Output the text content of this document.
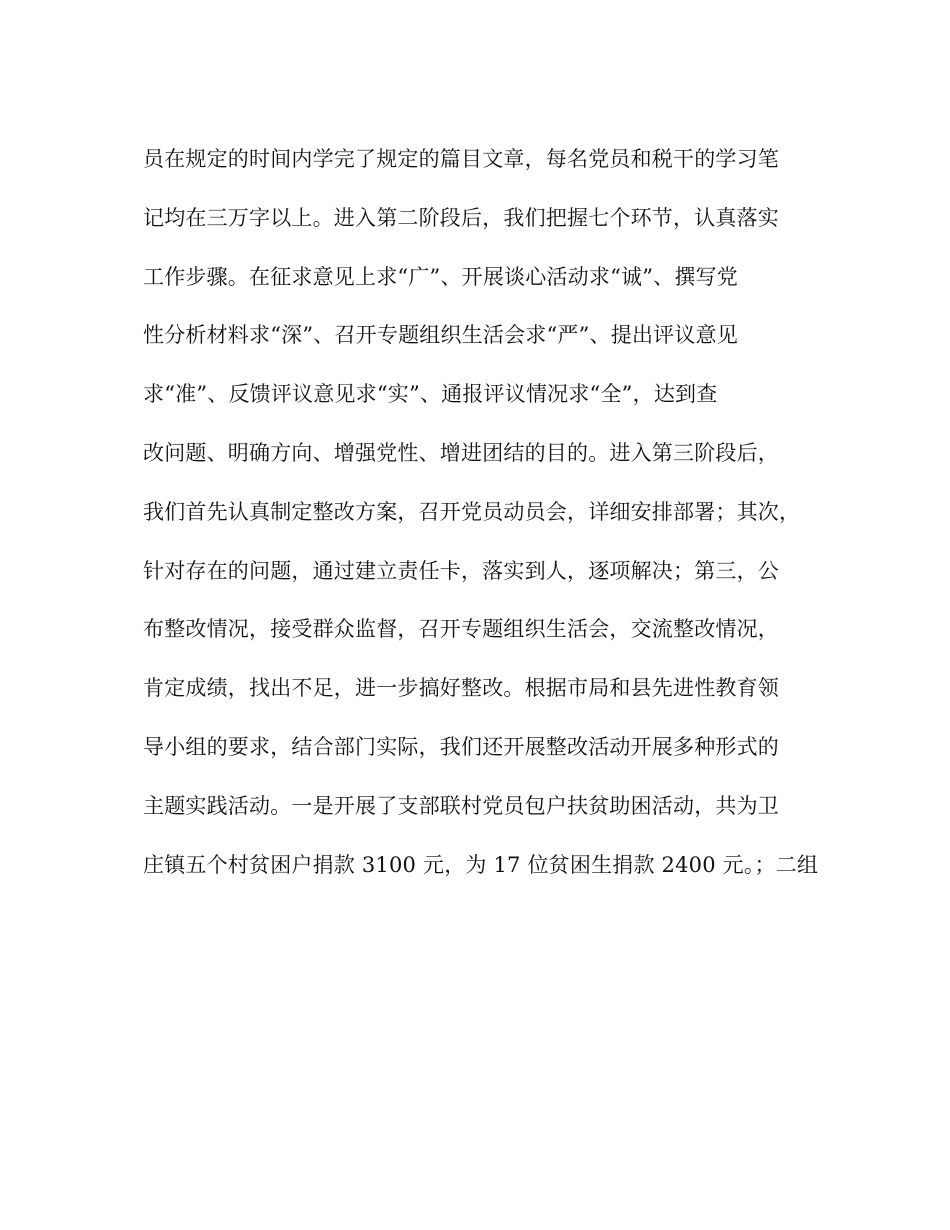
员在规定的时间内学完了规定的篇目文章，每名党员和税干的学习笔
记均在三万字以上。进入第二阶段后，我们把握七个环节，认真落实
工作步骤。在征求意见上求“广”、开展谈心活动求“诚”、撰写党
性分析材料求“深”、召开专题组织生活会求“严”、提出评议意见
求“准”、反馈评议意见求“实”、通报评议情况求“全”，达到查
改问题、明确方向、增强党性、增进团结的目的。进入第三阶段后，
我们首先认真制定整改方案，召开党员动员会，详细安排部署；其次，
针对存在的问题，通过建立责任卡，落实到人，逐项解决；第三，公
布整改情况，接受群众监督，召开专题组织生活会，交流整改情况，
肯定成绩，找出不足，进一步搞好整改。根据市局和县先进性教育领
导小组的要求，结合部门实际，我们还开展整改活动开展多种形式的
主题实践活动。一是开展了支部联村党员包户扶贫助困活动，共为卫
庄镇五个村贫困户捐款 3100 元，为 17 位贫困生捐款 2400 元。；二组
